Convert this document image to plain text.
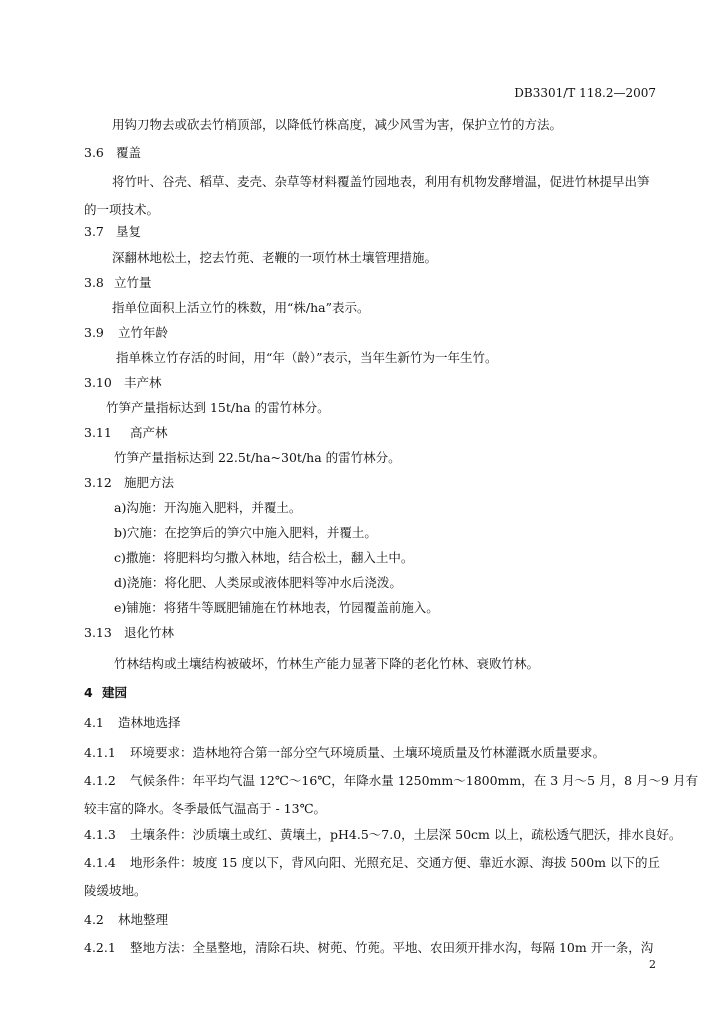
DB3301/T 118.2—2007
用钩刀物去或砍去竹梢顶部，以降低竹株高度，减少风雪为害，保护立竹的方法。
3.6 覆盖
将竹叶、谷壳、稻草、麦壳、杂草等材料覆盖竹园地表，利用有机物发酵增温，促进竹林提早出笋
的一项技术。
3.7 垦复
深翻林地松土，挖去竹蔸、老鞭的一项竹林土壤管理措施。
3.8 立竹量
指单位面积上活立竹的株数，用“株/ha”表示。
3.9 立竹年龄
指单株立竹存活的时间，用“年（龄）”表示，当年生新竹为一年生竹。
3.10 丰产林
竹笋产量指标达到 15t/ha 的雷竹林分。
3.11 高产林
竹笋产量指标达到 22.5t/ha~30t/ha 的雷竹林分。
3.12 施肥方法
a)沟施：开沟施入肥料，并覆土。
b)穴施：在挖笋后的笋穴中施入肥料，并覆土。
c)撒施：将肥料均匀撒入林地，结合松土，翻入土中。
d)浇施：将化肥、人类尿或液体肥料等冲水后浇泼。
e)铺施：将猪牛等厩肥铺施在竹林地表，竹园覆盖前施入。
3.13 退化竹林
竹林结构或土壤结构被破坏，竹林生产能力显著下降的老化竹林、衰败竹林。
4 建园
4.1 造林地选择
4.1.1 环境要求：造林地符合第一部分空气环境质量、土壤环境质量及竹林灌溉水质量要求。
4.1.2 气候条件：年平均气温 12℃～16℃，年降水量 1250mm～1800mm，在 3 月～5 月，8 月～9 月有
较丰富的降水。冬季最低气温高于 - 13℃。
4.1.3 土壤条件：沙质壤土或红、黄壤土，pH4.5～7.0，土层深 50cm 以上，疏松透气肥沃，排水良好。
4.1.4 地形条件：坡度 15 度以下，背风向阳、光照充足、交通方便、靠近水源、海拔 500m 以下的丘
陵缓坡地。
4.2 林地整理
4.2.1 整地方法：全垦整地，清除石块、树蔸、竹蔸。平地、农田须开排水沟，每隔 10m 开一条，沟
2
